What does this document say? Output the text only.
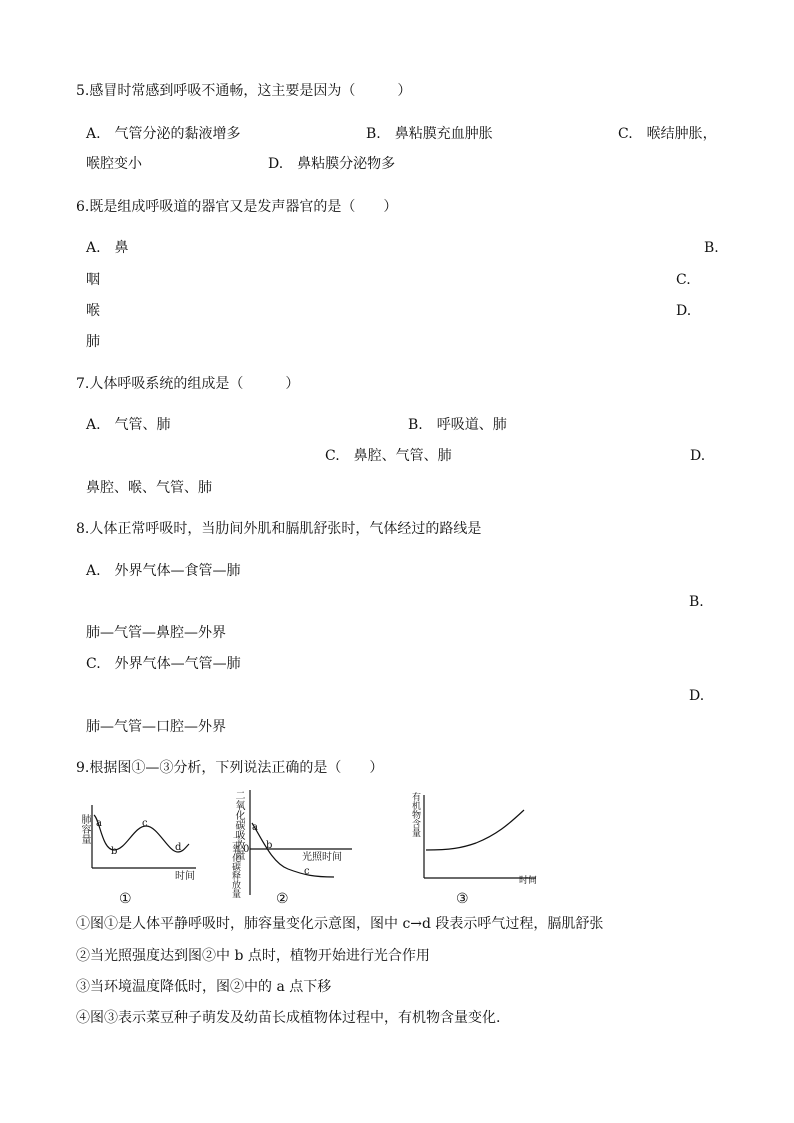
5.感冒时常感到呼吸不通畅，这主要是因为（　　　）
A.　气管分泌的黏液增多	B.　鼻粘膜充血肿胀	C.　喉结肿胀，
喉腔变小	D.　鼻粘膜分泌物多
6.既是组成呼吸道的器官又是发声器官的是（　　）
A.　鼻	B.
咽	C.
喉	D.
肺
7.人体呼吸系统的组成是（　　　）
A.　气管、肺	B.　呼吸道、肺
C.　鼻腔、气管、肺	D.
鼻腔、喉、气管、肺
8.人体正常呼吸时，当肋间外肌和膈肌舒张时，气体经过的路线是
A.　外界气体—食管—肺
B.
肺—气管—鼻腔—外界
C.　外界气体—气管—肺
D.
肺—气管—口腔—外界
9.根据图①—③分析，下列说法正确的是（　　）
肺容量 a
b
c
d
时间
①
二氧化碳吸收量
二氧化碳释放量
a
0 b
光照时间
c
②
有机物含量
时间
③
①图①是人体平静呼吸时，肺容量变化示意图，图中 c→d 段表示呼气过程，膈肌舒张
②当光照强度达到图②中 b 点时，植物开始进行光合作用
③当环境温度降低时，图②中的 a 点下移
④图③表示菜豆种子萌发及幼苗长成植物体过程中，有机物含量变化.
